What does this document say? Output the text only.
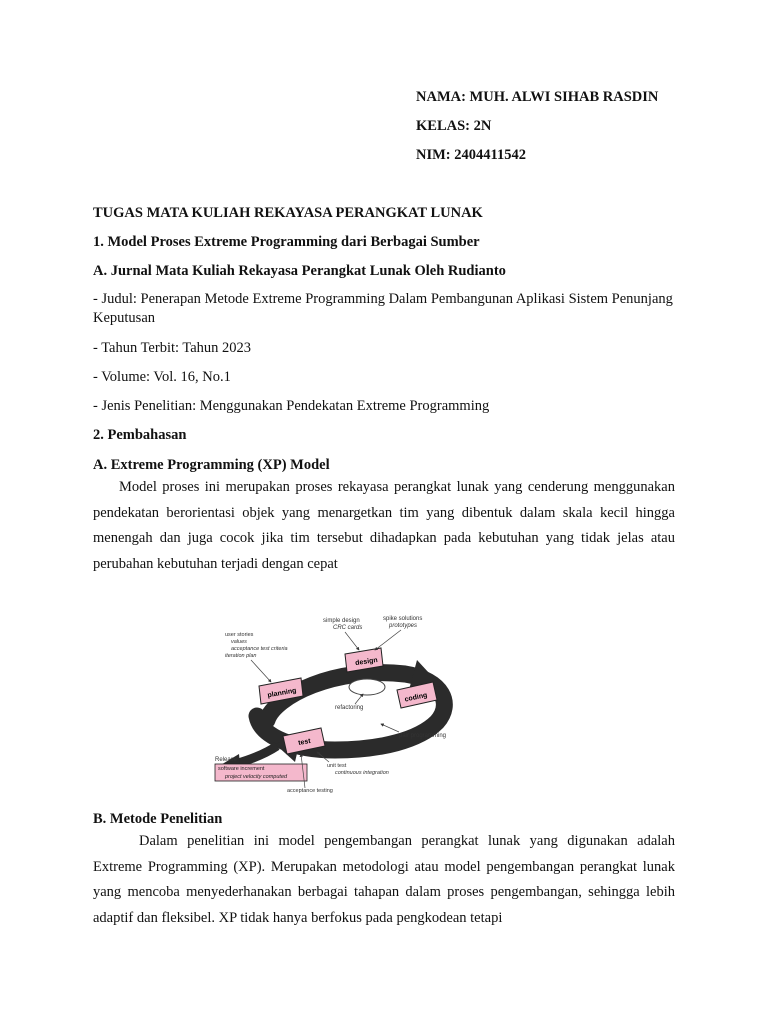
NAMA: MUH. ALWI SIHAB RASDIN
KELAS: 2N
NIM: 2404411542
TUGAS MATA KULIAH REKAYASA PERANGKAT LUNAK
1. Model Proses Extreme Programming dari Berbagai Sumber
A. Jurnal Mata Kuliah Rekayasa Perangkat Lunak Oleh Rudianto
- Judul: Penerapan Metode Extreme Programming Dalam Pembangunan Aplikasi Sistem Penunjang Keputusan
- Tahun Terbit: Tahun 2023
- Volume: Vol. 16, No.1
- Jenis Penelitian: Menggunakan Pendekatan Extreme Programming
2. Pembahasan
A. Extreme Programming (XP) Model
Model proses ini merupakan proses rekayasa perangkat lunak yang cenderung menggunakan pendekatan berorientasi objek yang menargetkan tim yang dibentuk dalam skala kecil hingga menengah dan juga cocok jika tim tersebut dihadapkan pada kebutuhan yang tidak jelas atau perubahan kebutuhan terjadi dengan cepat
design
planning	coding
test
simple design
CRC cards
spike solutions
prototypes
user stories
values
acceptance test criteria
iteration plan
refactoring
pair programming
unit test
continuous integration
Release
software increment
project velocity computed
acceptance testing
B. Metode Penelitian
Dalam penelitian ini model pengembangan perangkat lunak yang digunakan adalah Extreme Programming (XP). Merupakan metodologi atau model pengembangan perangkat lunak yang mencoba menyederhanakan berbagai tahapan dalam proses pengembangan, sehingga lebih adaptif dan fleksibel. XP tidak hanya berfokus pada pengkodean tetapi
